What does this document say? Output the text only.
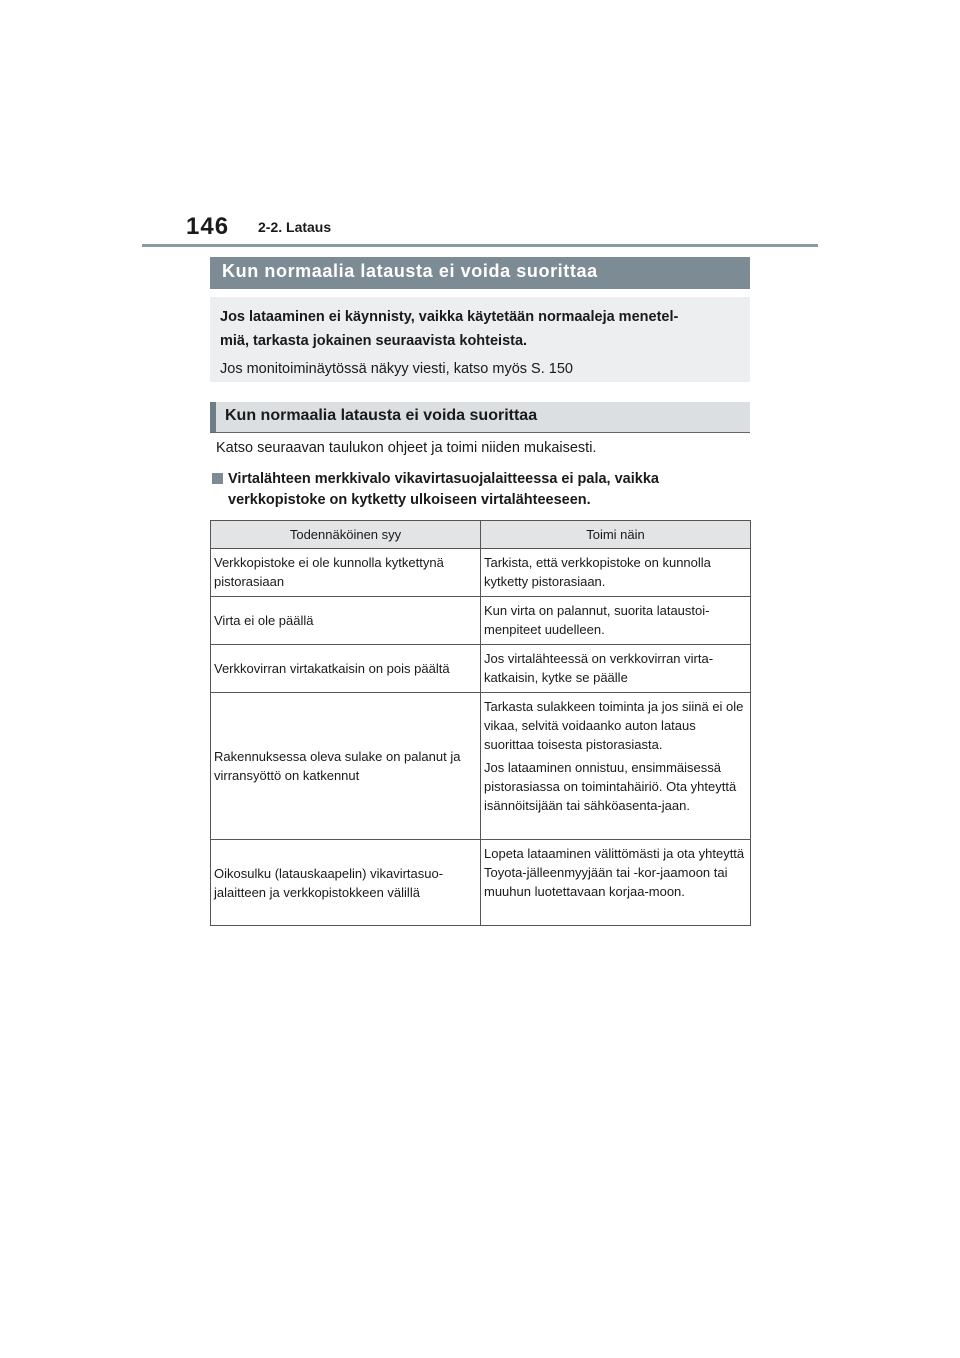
146 2-2. Lataus
Kun normaalia latausta ei voida suorittaa

Jos lataaminen ei käynnisty, vaikka käytetään normaaleja menetel-
miä, tarkasta jokainen seuraavista kohteista.

Jos monitoiminäytössä näkyy viesti, katso myös S. 150

Kun normaalia latausta ei voida suorittaa
Katso seuraavan taulukon ohjeet ja toimi niiden mukaisesti.
Virtalähteen merkkivalo vikavirtasuojalaitteessa ei pala, vaikka verkkopistoke on kytketty ulkoiseen virtalähteeseen.
Todennäköinen syy	Toimi näin
Verkkopistoke ei ole kunnolla kytkettynä pistorasiaan	Tarkista, että verkkopistoke on kunnolla kytketty pistorasiaan.

Virta ei ole päällä	Kun virta on palannut, suorita lataustoi-menpiteet uudelleen.

Verkkovirran virtakatkaisin on pois päältä	Jos virtalähteessä on verkkovirran virta-katkaisin, kytke se päälle

Rakennuksessa oleva sulake on palanut ja virransyöttö on katkennut	Tarkasta sulakkeen toiminta ja jos siinä ei ole vikaa, selvitä voidaanko auton lataus suorittaa toisesta pistorasiasta.

Jos lataaminen onnistuu, ensimmäisessä pistorasiassa on toimintahäiriö. Ota yhteyttä isännöitsijään tai sähköasenta-jaan.

Oikosulku (latauskaapelin) vikavirtasuo-jalaitteen ja verkkopistokkeen välillä	Lopeta lataaminen välittömästi ja ota yhteyttä Toyota-jälleenmyyjään tai -kor-jaamoon tai muuhun luotettavaan korjaa-moon.
